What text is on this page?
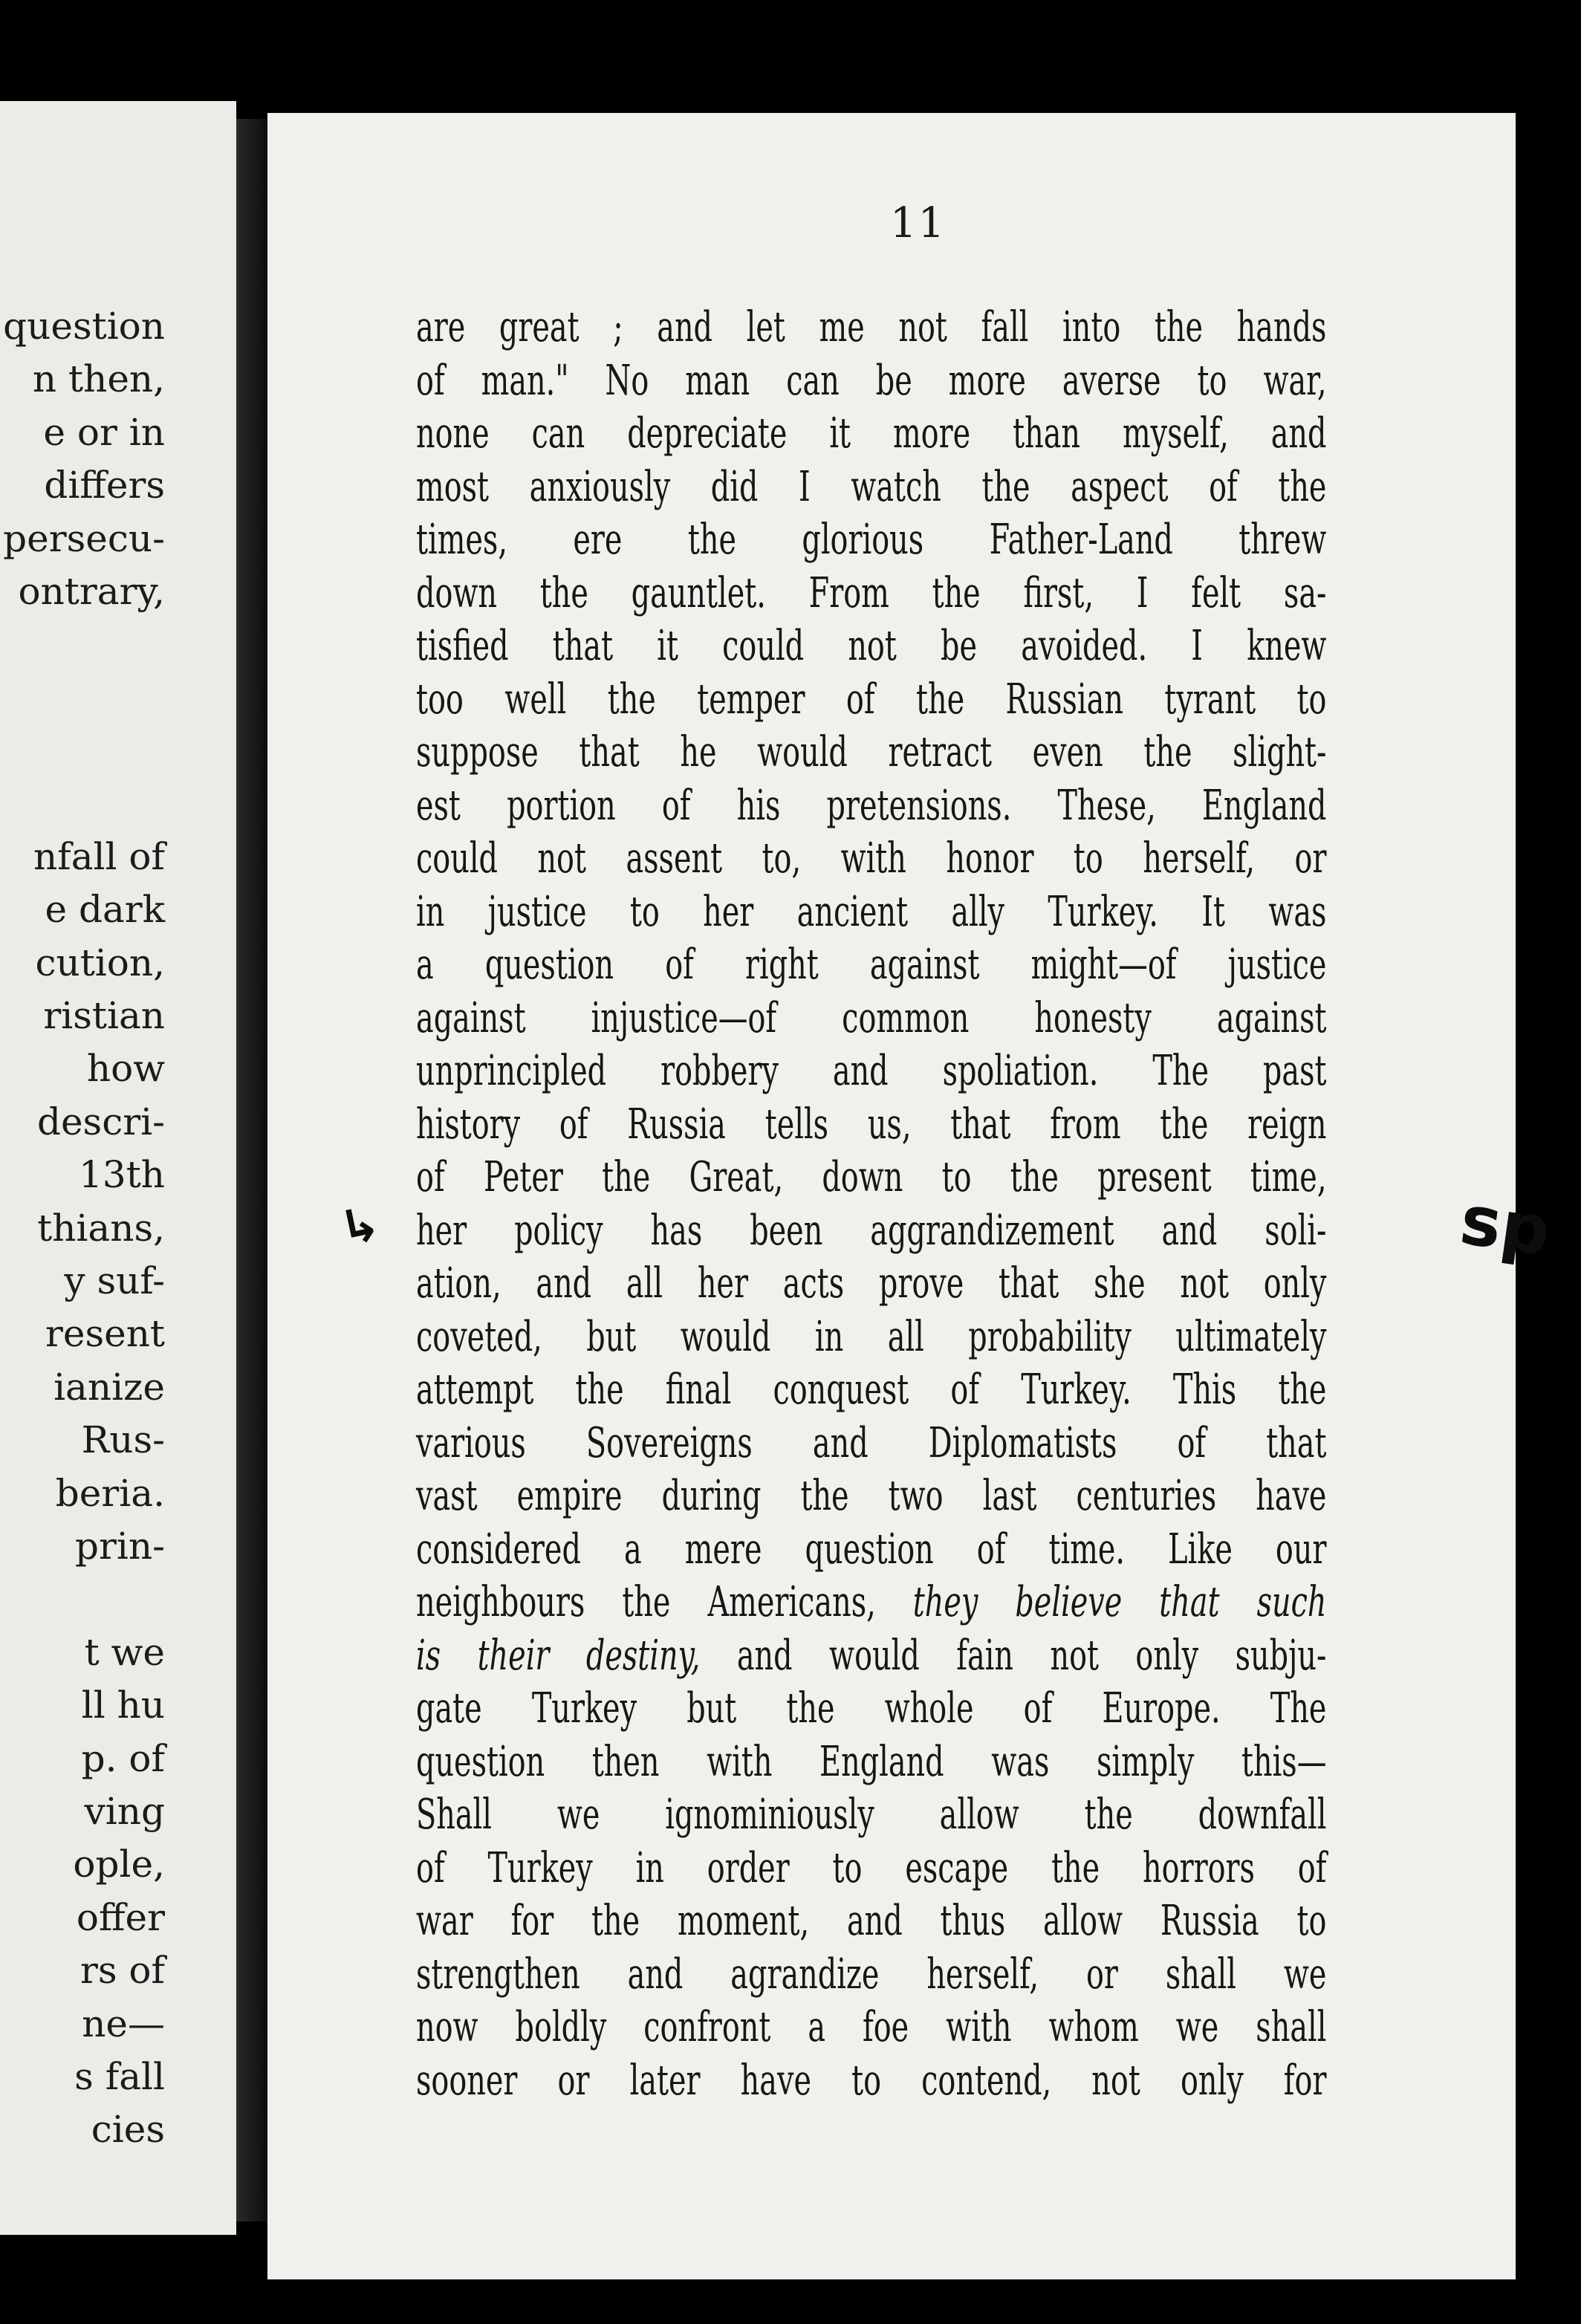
question
n then,
e or in
differs
persecu-
ontrary,
nfall of
e dark
cution,
ristian
how
descri-
13th
thians,
y suf-
resent
ianize
Rus-
beria.
prin-
t we
ll hu
p. of
ving
ople,
offer
rs of
ne—
s fall
cies
11
are great ; and let me not fall into the hands
of man." No man can be more averse to war,
none can depreciate it more than myself, and
most anxiously did I watch the aspect of the
times, ere the glorious Father-Land threw
down the gauntlet. From the first, I felt sa-
tisfied that it could not be avoided. I knew
too well the temper of the Russian tyrant to
suppose that he would retract even the slight-
est portion of his pretensions. These, England
could not assent to, with honor to herself, or
in justice to her ancient ally Turkey. It was
a question of right against might—of justice
against injustice—of common honesty against
unprincipled robbery and spoliation. The past
history of Russia tells us, that from the reign
of Peter the Great, down to the present time,
her policy has been aggrandizement and soli-
ation, and all her acts prove that she not only
coveted, but would in all probability ultimately
attempt the final conquest of Turkey. This the
various Sovereigns and Diplomatists of that
vast empire during the two last centuries have
considered a mere question of time. Like our
neighbours the Americans, they believe that such
is their destiny, and would fain not only subju-
gate Turkey but the whole of Europe. The
question then with England was simply this—
Shall we ignominiously allow the downfall
of Turkey in order to escape the horrors of
war for the moment, and thus allow Russia to
strengthen and agrandize herself, or shall we
now boldly confront a foe with whom we shall
sooner or later have to contend, not only for
↳	sp
